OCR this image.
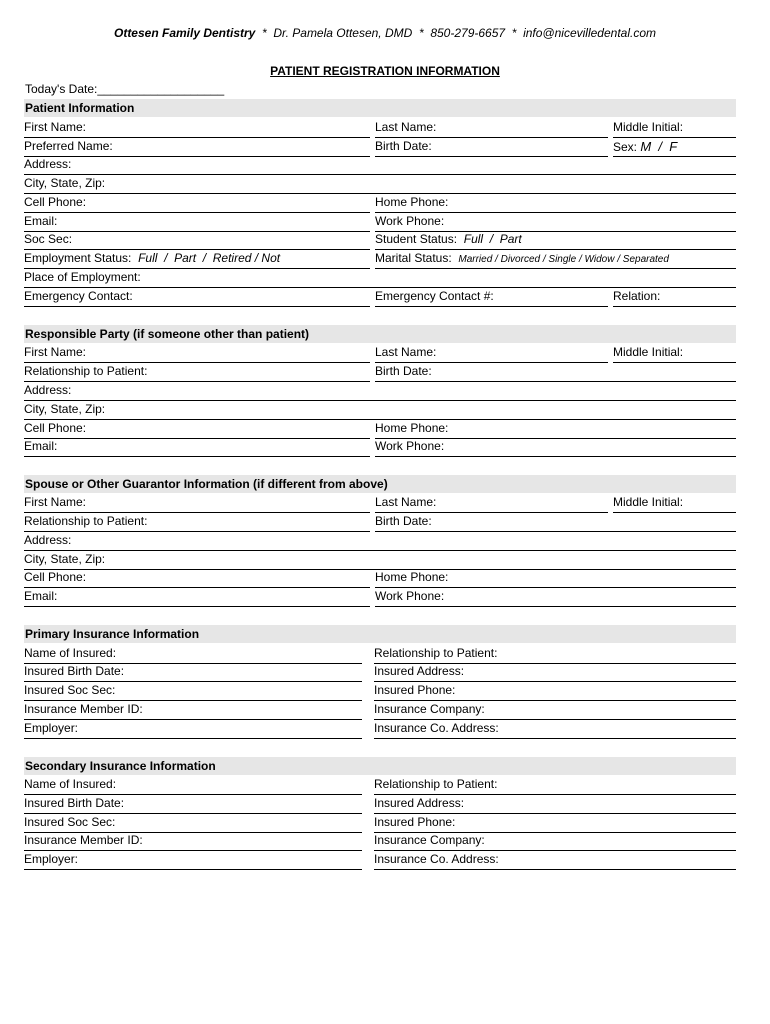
Ottesen Family Dentistry  *  Dr. Pamela Ottesen, DMD  *  850-279-6657  *  info@nicevilledental.com
PATIENT REGISTRATION INFORMATION
Today's Date:___________________
Patient Information
First Name:	Last Name:	Middle Initial:
Preferred Name:	Birth Date:	Sex: M  /  F
Address:
City, State, Zip:
Cell Phone:	Home Phone:
Email:	Work Phone:
Soc Sec:	Student Status: Full  /  Part
Employment Status: Full  /  Part  /  Retired / Not	Marital Status: Married / Divorced / Single / Widow / Separated
Place of Employment:
Emergency Contact:	Emergency Contact #:	Relation:
Responsible Party (if someone other than patient)
First Name:	Last Name:	Middle Initial:
Relationship to Patient:	Birth Date:
Address:
City, State, Zip:
Cell Phone:	Home Phone:
Email:	Work Phone:
Spouse or Other Guarantor Information (if different from above)
First Name:	Last Name:	Middle Initial:
Relationship to Patient:	Birth Date:
Address:
City, State, Zip:
Cell Phone:	Home Phone:
Email:	Work Phone:
Primary Insurance Information
Name of Insured:	Relationship to Patient:
Insured Birth Date:	Insured Address:
Insured Soc Sec:	Insured Phone:
Insurance Member ID:	Insurance Company:
Employer:	Insurance Co. Address:
Secondary Insurance Information
Name of Insured:	Relationship to Patient:
Insured Birth Date:	Insured Address:
Insured Soc Sec:	Insured Phone:
Insurance Member ID:	Insurance Company:
Employer:	Insurance Co. Address:
